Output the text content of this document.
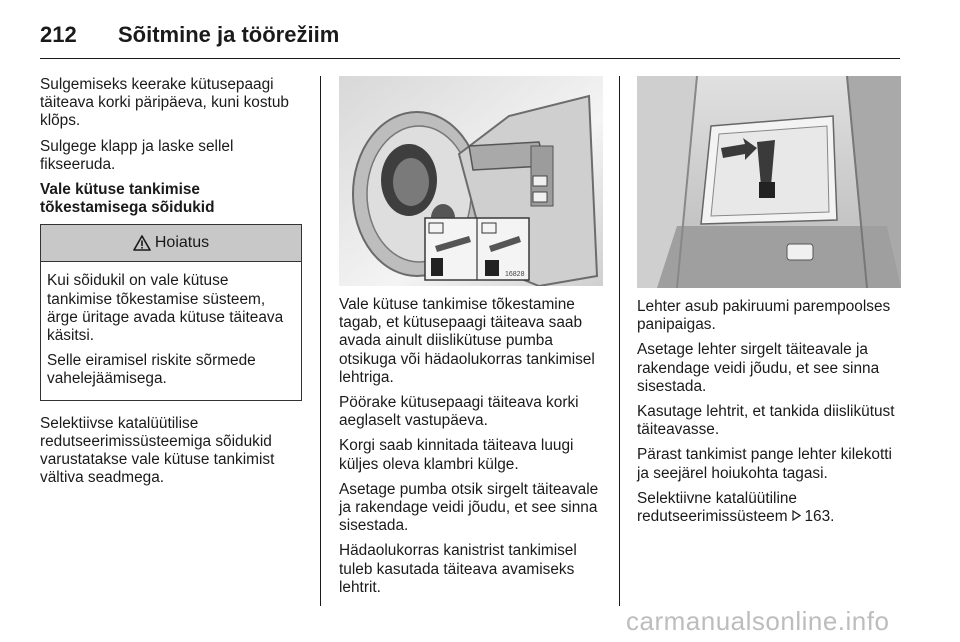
212 Sõitmine ja töörežiim

Sulgemiseks keerake kütusepaagi täiteava korki päripäeva, kuni kostub klõps.

Sulgege klapp ja laske sellel fikseeruda.

Vale kütuse tankimise tõkestamisega sõidukid

Hoiatus

Kui sõidukil on vale kütuse tankimise tõkestamise süsteem, ärge üritage avada kütuse täiteava käsitsi.

Selle eiramisel riskite sõrmede vahelejäämisega.

Selektiivse katalüütilise redutseerimissüsteemiga sõidukid varustatakse vale kütuse tankimist vältiva seadmega.

16828

Vale kütuse tankimise tõkestamine tagab, et kütusepaagi täiteava saab avada ainult diislikütuse pumba otsikuga või hädaolukorras tankimisel lehtriga.

Pöörake kütusepaagi täiteava korki aeglaselt vastupäeva.

Korgi saab kinnitada täiteava luugi küljes oleva klambri külge.

Asetage pumba otsik sirgelt täiteavale ja rakendage veidi jõudu, et see sinna sisestada.

Hädaolukorras kanistrist tankimisel tuleb kasutada täiteava avamiseks lehtrit.

Lehter asub pakiruumi parempoolses panipaigas.

Asetage lehter sirgelt täiteavale ja rakendage veidi jõudu, et see sinna sisestada.

Kasutage lehtrit, et tankida diislikütust täiteavasse.

Pärast tankimist pange lehter kilekotti ja seejärel hoiukohta tagasi.

Selektiivne katalüütiline redutseerimissüsteem 163.

carmanualsonline.info
